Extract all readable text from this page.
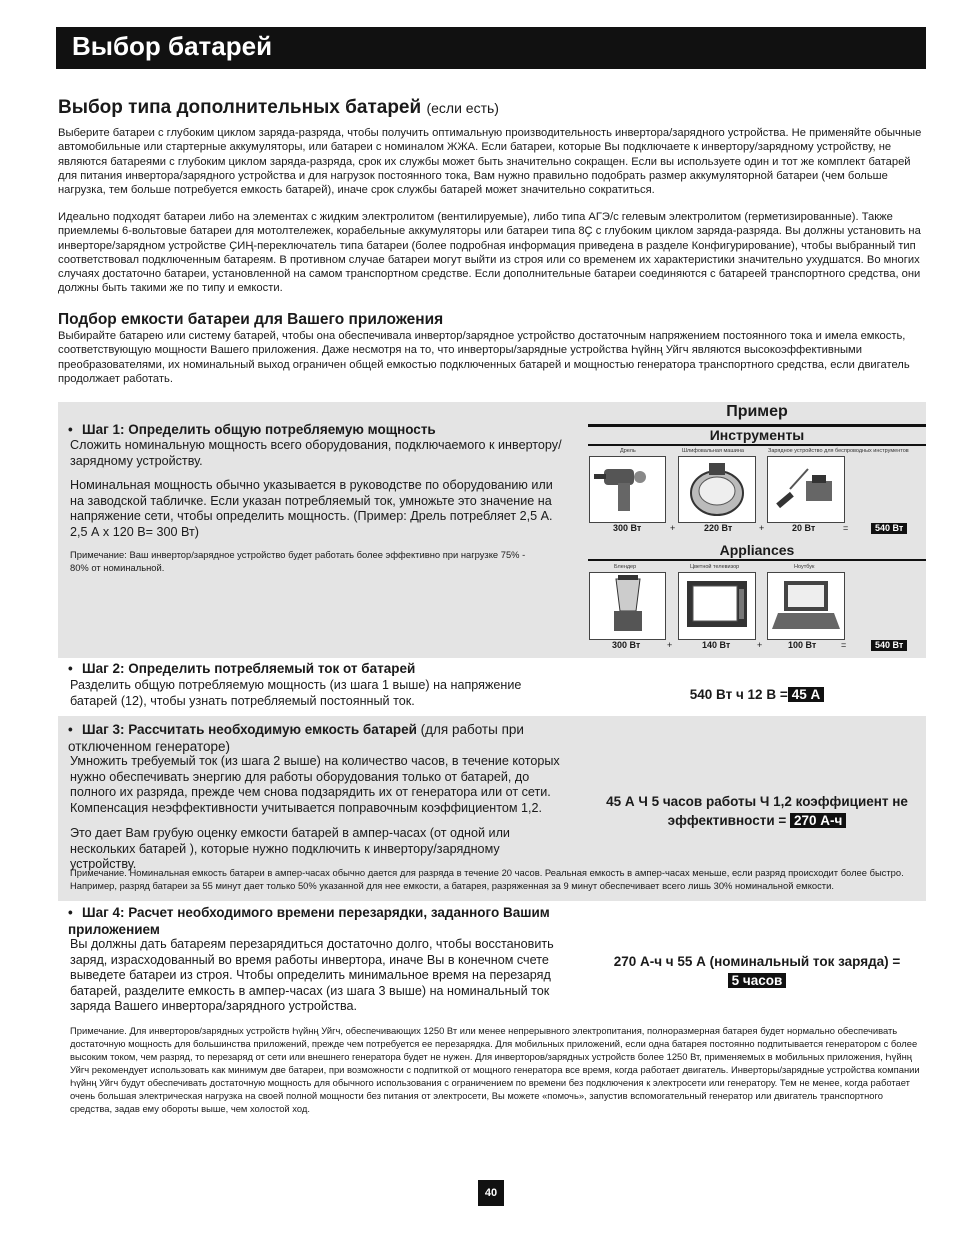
Выбор батарей
Выбор типа дополнительных батарей (если есть)
Выберите батареи с глубоким циклом заряда-разряда, чтобы получить оптимальную производительность инвертора/зарядного устройства. Не применяйте обычные автомобильные или стартерные аккумуляторы, или батареи с номиналом ЖЖА. Если батареи, которые Вы подключаете к инвертору/зарядному устройству, не являются батареями с глубоким циклом заряда-разряда, срок их службы может быть значительно сокращен. Если вы используете один и тот же комплект батарей для питания инвертора/зарядного устройства и для нагрузок постоянного тока, Вам нужно правильно подобрать размер аккумуляторной батареи (чем больше нагрузка, тем больше потребуется емкость батарей), иначе срок службы батарей может значительно сократиться.
Идеально подходят батареи либо на элементах с жидким электролитом (вентилируемые), либо типа АГЭ/с гелевым электролитом (герметизированные). Также приемлемы 6-вольтовые батареи для мотолтележек, корабельные аккумуляторы или батареи типа 8Ҫ с глубоким циклом заряда-разряда. Вы должны установить на инверторе/зарядном устройстве ҪИҢ-переключатель типа батареи (более подробная информация приведена в разделе Конфигурирование), чтобы выбранный тип соответствовал подключенным батареям. В противном случае батареи могут выйти из строя или со временем их характеристики значительно ухудшатся. Во многих случаях достаточно батареи, установленной на самом транспортном средстве. Если дополнительные батареи соединяются с батареей транспортного средства, они должны быть такими же по типу и емкости.
Подбор емкости батареи для Вашего приложения
Выбирайте батарею или систему батарей, чтобы она обеспечивала инвертор/зарядное устройство достаточным напряжением постоянного тока и имела емкость, соответствующую мощности Вашего приложения. Даже несмотря на то, что инверторы/зарядные устройства Һүйнң Уйгч являются высокоэффективными преобразователями, их номинальный выход ограничен общей емкостью подключенных батарей и мощностью генератора транспортного средства, если двигатель продолжает работать.
• Шаг 1: Определить общую потребляемую мощность
Сложить номинальную мощность всего оборудования, подключаемого к инвертору/зарядному устройству.
Номинальная мощность обычно указывается в руководстве по оборудованию или на заводской табличке. Если указан потребляемый ток, умножьте это значение на напряжение сети, чтобы определить мощность. (Пример: Дрель потребляет 2,5 А. 2,5 А x 120 В= 300 Вт)
Примечание: Ваш инвертор/зарядное устройство будет работать более эффективно при нагрузке 75% - 80% от номинальной.
Пример
Инструменты
Дрель	Шлифовальная машина	Зарядное устройство для беспроводных инструментов
300 Вт	+	220 Вт	+	20 Вт	=	540 Вт
Appliances
Блендер	Цветной телевизор	Ноутбук
300 Вт	+	140 Вт	+	100 Вт	=	540 Вт
• Шаг 2: Определить потребляемый ток от батарей
Разделить общую потребляемую мощность (из шага 1 выше) на напряжение батарей (12), чтобы узнать потребляемый постоянный ток.	540 Вт ч 12 В = 45 А
• Шаг 3: Рассчитать необходимую емкость батарей (для работы при отключенном генераторе)
Умножить требуемый ток (из шага 2 выше) на количество часов, в течение которых нужно обеспечивать энергию для работы оборудования только от батарей, до полного их разряда, прежде чем снова подзарядить их от генератора или от сети. Компенсация неэффективности учитывается поправочным коэффициентом 1,2.
Это дает Вам грубую оценку емкости батарей в ампер-часах (от одной или нескольких батарей ), которые нужно подключить к инвертору/зарядному устройству.
45 А Ч 5 часов работы Ч 1,2 коэффициент не
эффективности = 270 А-ч
Примечание. Номинальная емкость батареи в ампер-часах обычно дается для разряда в течение 20 часов. Реальная емкость в ампер-часах меньше, если разряд происходит более быстро. Например, разряд батареи за 55 минут дает только 50% указанной для нее емкости, а батарея, разряженная за 9 минут обеспечивает всего лишь 30% номинальной емкости.
• Шаг 4: Расчет необходимого времени перезарядки, заданного Вашим приложением
Вы должны дать батареям перезарядиться достаточно долго, чтобы восстановить заряд, израсходованный во время работы инвертора, иначе Вы в конечном счете выведете батареи из строя. Чтобы определить минимальное время на перезаряд батарей, разделите емкость в ампер-часах (из шага 3 выше) на номинальный ток заряда Вашего инвертора/зарядного устройства.
270 А-ч ч 55 А (номинальный ток заряда) =
5 часов
Примечание. Для инверторов/зарядных устройств Һүйнң Уйгч, обеспечивающих 1250 Вт или менее непрерывного электропитания, полноразмерная батарея будет нормально обеспечивать достаточную мощность для большинства приложений, прежде чем потребуется ее перезарядка. Для мобильных приложений, если одна батарея постоянно подпитывается генератором с более высоким током, чем разряд, то перезаряд от сети или внешнего генератора будет не нужен. Для инверторов/зарядных устройств более 1250 Вт, применяемых в мобильных приложения, Һүйнң Уйгч рекомендует использовать как минимум две батареи, при возможности с подпиткой от мощного генератора все время, когда работает двигатель. Инверторы/зарядные устройства компании Һүйнң Уйгч будут обеспечивать достаточную мощность для обычного использования с ограничением по времени без подключения к электросети или генератору. Тем не менее, когда работает очень большая электрическая нагрузка на своей полной мощности без питания от электросети, Вы можете «помочь», запустив вспомогательный генератор или двигатель транспортного средства, задав ему обороты выше, чем холостой ход.
40
